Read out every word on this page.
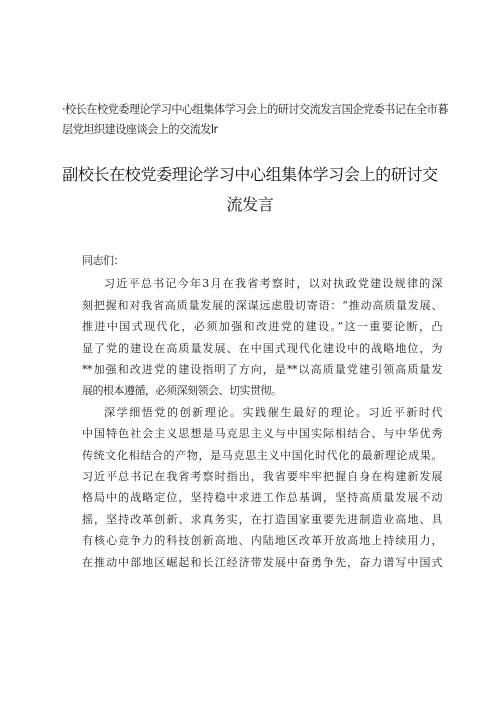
·校长在校党委理论学习中心组集体学习会上的研讨交流发言国企党委书记在全市暮层党坦织建设座谈会上的交流发lr
副校长在校党委理论学习中心组集体学习会上的研讨交
流发言
同志们：
习近平总书记今年3月在我省考察时，以对执政党建设规律的深
刻把握和对我省高质量发展的深谋远虑殷切寄语：“推动高质量发展、
推进中国式现代化，必须加强和改进党的建设。”这一重要论断，凸
显了党的建设在高质量发展、在中国式现代化建设中的战略地位，为
**加强和改进党的建设指明了方向，是**以高质量党建引领高质量发
展的根本遵循，必须深刻领会、切实贯彻。
深学细悟党的创新理论。实践催生最好的理论。习近平新时代
中国特色社会主义思想是马克思主义与中国实际相结合、与中华优秀
传统文化相结合的产物，是马克思主义中国化时代化的最新理论成果。
习近平总书记在我省考察时指出，我省要牢牢把握自身在构建新发展
格局中的战略定位，坚持稳中求进工作总基调，坚持高质量发展不动
摇，坚持改革创新、求真务实，在打造国家重要先进制造业高地、具
有核心竞争力的科技创新高地、内陆地区改革开放高地上持续用力，
在推动中部地区崛起和长江经济带发展中奋勇争先，奋力谱写中国式
